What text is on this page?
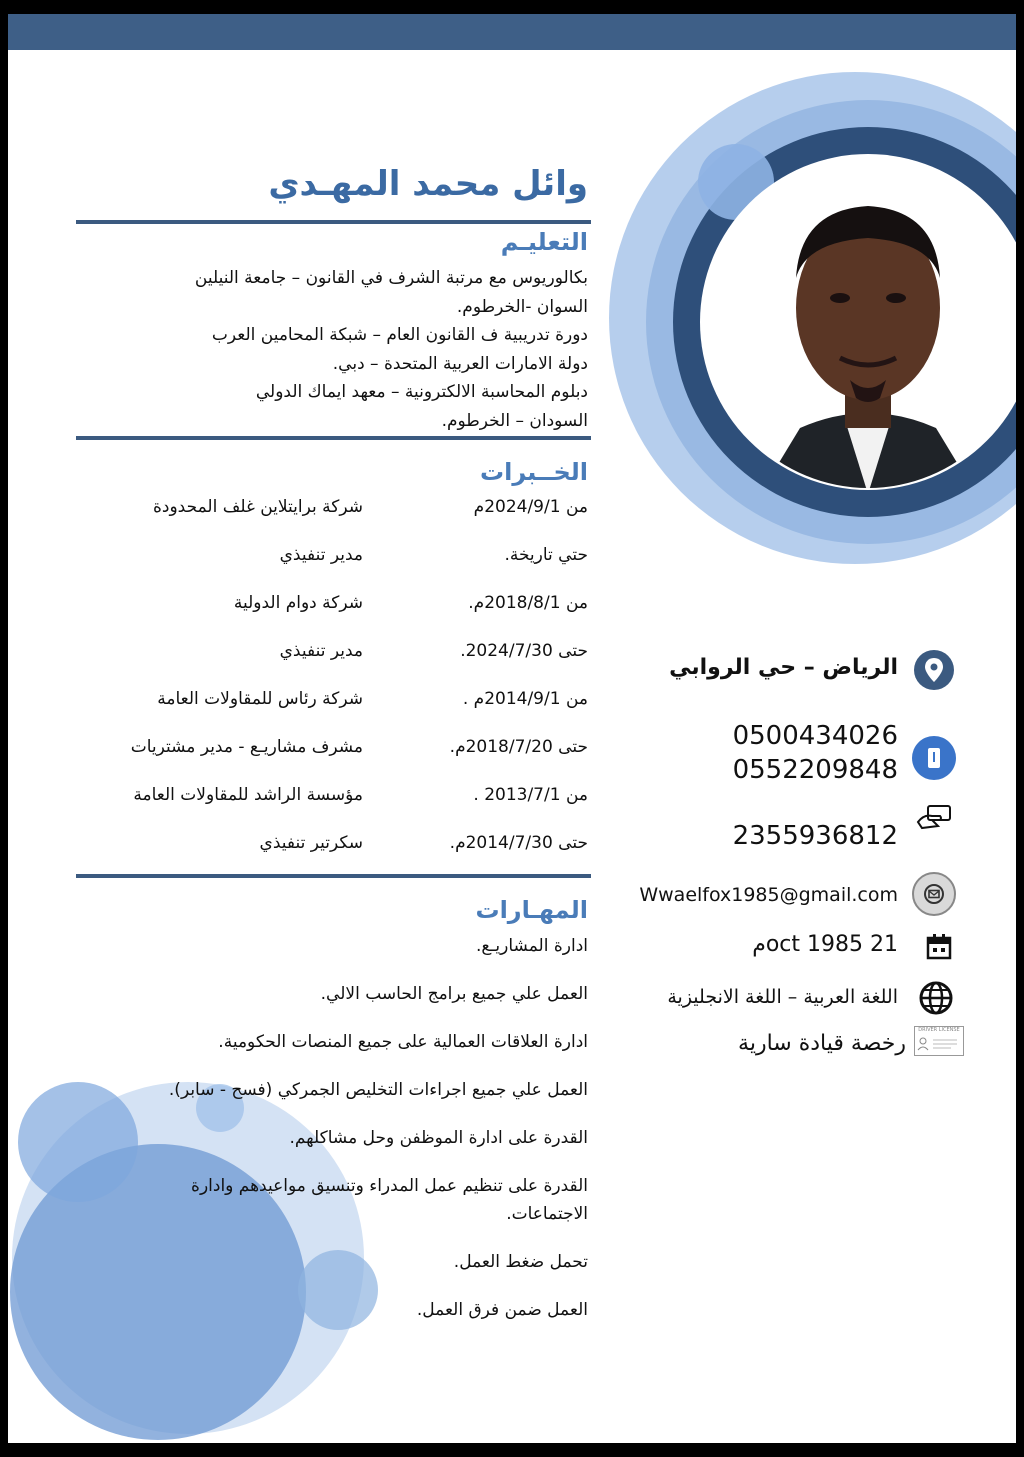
وائل محمد المهـدي
التعليـم
بكالوريوس مع مرتبة الشرف في القانون – جامعة النيلين
السوان -الخرطوم.
دورة تدريبية ف القانون العام – شبكة المحامين العرب
دولة الامارات العربية المتحدة – دبي.
دبلوم المحاسبة الالكترونية – معهد ايماك الدولي
السودان – الخرطوم.
الخــبرات
من 2024/9/1م
شركة برايتلاين غلف المحدودة
حتي تاريخة.
مدير تنفيذي
من 2018/8/1م.
شركة دوام الدولية
حتى 2024/7/30.
مدير تنفيذي
من 2014/9/1م .
شركة رئاس للمقاولات العامة
حتى 2018/7/20م.
مشرف مشاريـع - مدير مشتريات
من 2013/7/1 .
مؤسسة الراشد للمقاولات العامة
حتى 2014/7/30م.
سكرتير تنفيذي
المهـارات

ادارة المشاريـع.

العمل علي جميع برامج الحاسب الالي.

ادارة العلاقات العمالية على جميع المنصات الحكومية.

العمل علي جميع اجراءات التخليص الجمركي (فسح - سابر).

القدرة على ادارة الموظفن وحل مشاكلهم.

القدرة على تنظيم عمل المدراء وتنسيق مواعيدهم وادارة الاجتماعات.

تحمل ضغط العمل.

العمل ضمن فرق العمل.

الرياض – حي الروابي
0500434026
0552209848
2355936812
Wwaelfox1985@gmail.com
21 oct 1985م
اللغة العربية – اللغة الانجليزية
رخصة قيادة سارية
DRIVER LICENSE
